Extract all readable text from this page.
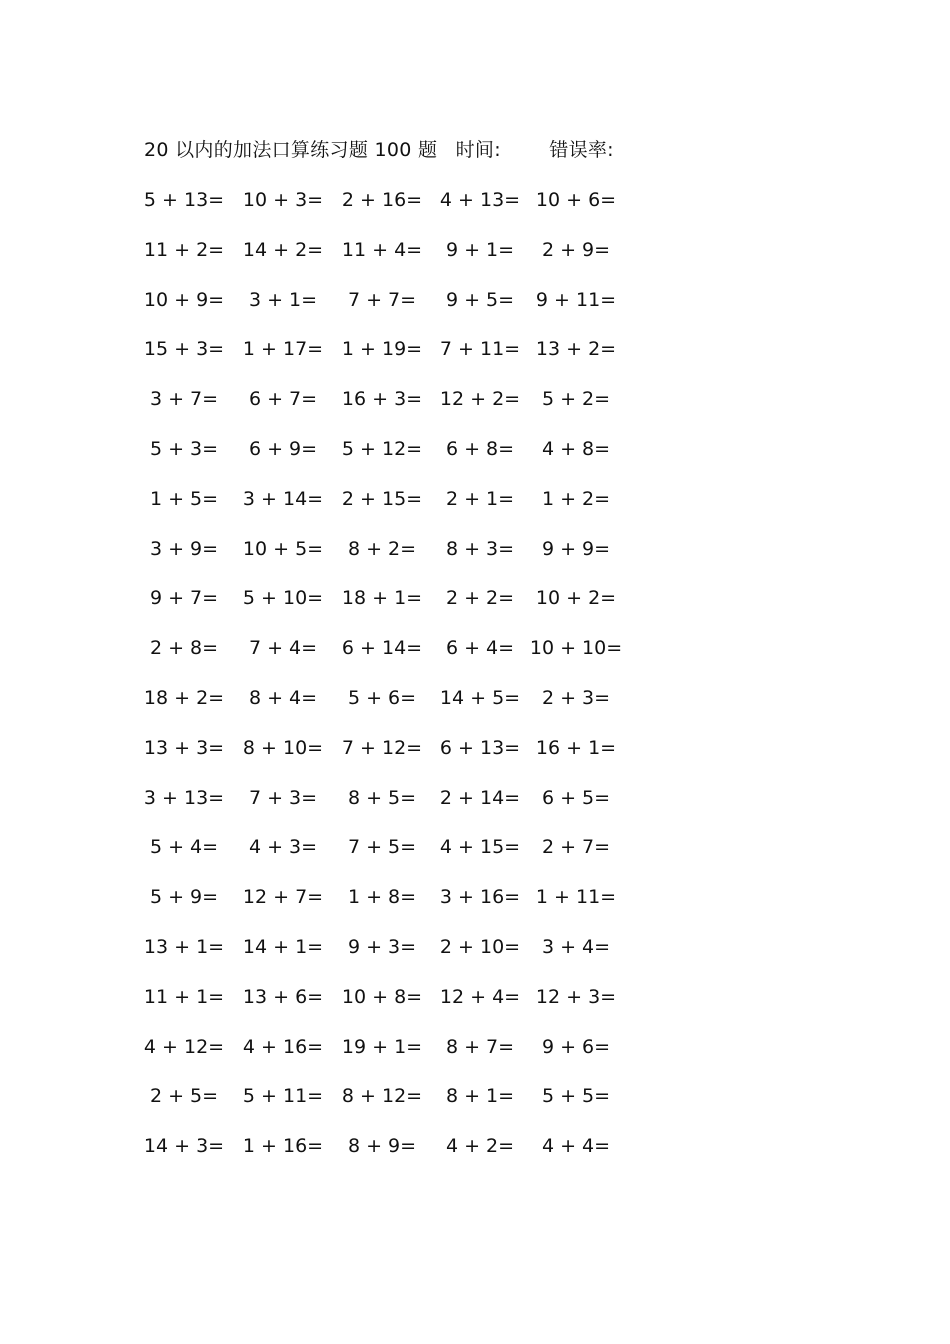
20 以内的加法口算练习题 100 题 时间:	错误率:
5 + 13= 10 + 3= 2 + 16= 4 + 13= 10 + 6=
11 + 2= 14 + 2= 11 + 4=	9 + 1=	2 + 9=
10 + 9=	3 + 1=	7 + 7=	9 + 5=	9 + 11=
15 + 3= 1 + 17= 1 + 19= 7 + 11= 13 + 2=
3 + 7=	6 + 7=	16 + 3= 12 + 2=	5 + 2=
5 + 3=	6 + 9=	5 + 12=	6 + 8=	4 + 8=
1 + 5=	3 + 14= 2 + 15=	2 + 1=	1 + 2=
3 + 9=	10 + 5=	8 + 2=	8 + 3=	9 + 9=
9 + 7=	5 + 10= 18 + 1=	2 + 2=	10 + 2=
2 + 8=	7 + 4=	6 + 14=	6 + 4= 10 + 10=
18 + 2=	8 + 4=	5 + 6=	14 + 5=	2 + 3=
13 + 3= 8 + 10= 7 + 12= 6 + 13= 16 + 1=
3 + 13=	7 + 3=	8 + 5=	2 + 14=	6 + 5=
5 + 4=	4 + 3=	7 + 5=	4 + 15=	2 + 7=
5 + 9=	12 + 7=	1 + 8=	3 + 16= 1 + 11=
13 + 1= 14 + 1=	9 + 3=	2 + 10=	3 + 4=
11 + 1= 13 + 6= 10 + 8= 12 + 4= 12 + 3=
4 + 12= 4 + 16= 19 + 1=	8 + 7=	9 + 6=
2 + 5=	5 + 11= 8 + 12=	8 + 1=	5 + 5=
14 + 3= 1 + 16=	8 + 9=	4 + 2=	4 + 4=
